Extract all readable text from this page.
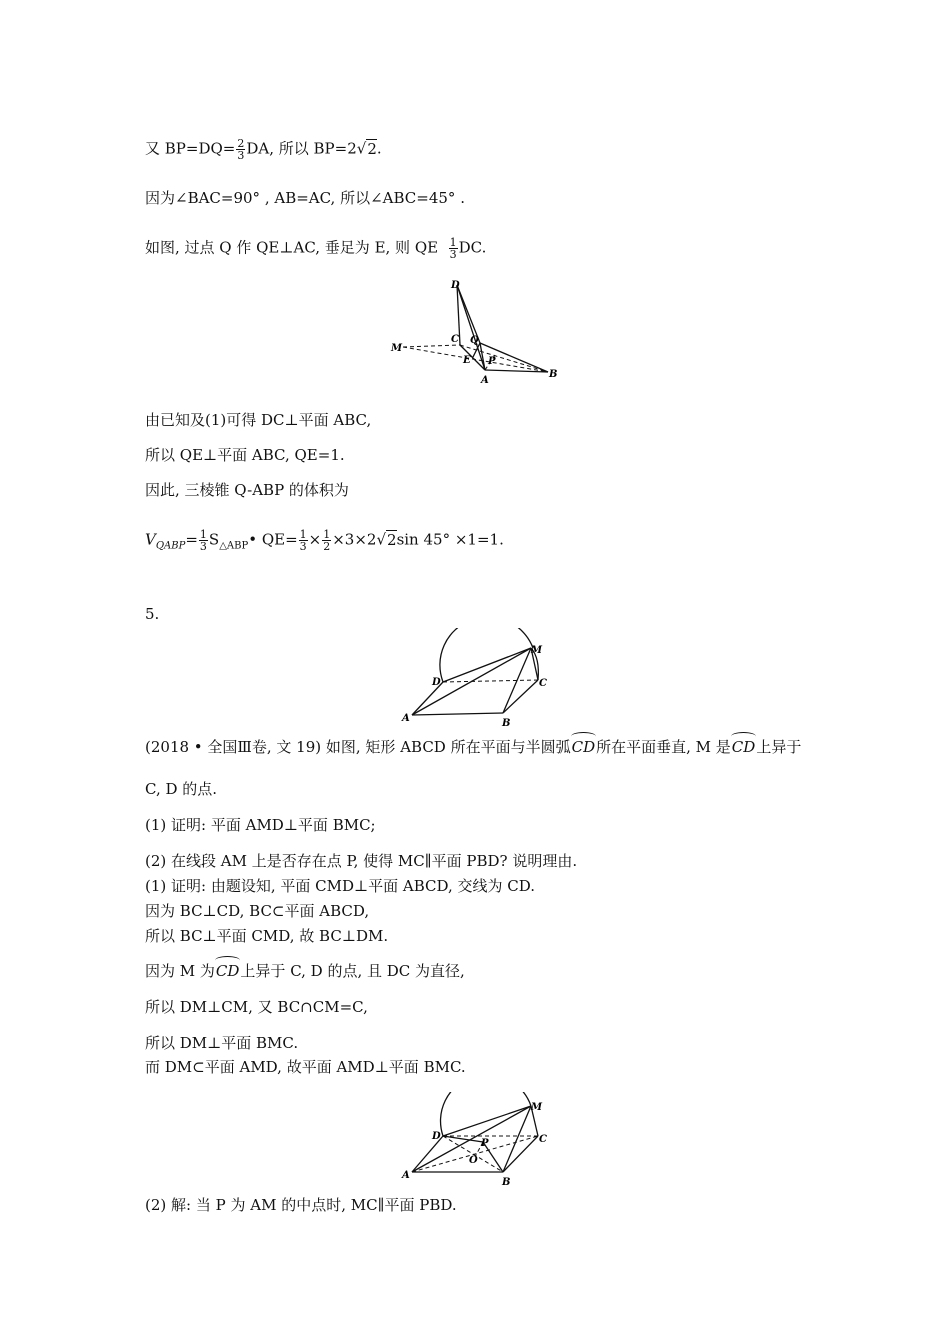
又 $BP=DQ= \frac{2}{3}$ DA, 所以 BP=2√2.
因为∠BAC=90° , AB=AC, 所以∠ABC=45° .
如图, 过点 Q 作 QE⊥AC, 垂足为 E, 则 QE $\frac{1}{3}$ DC.
D
C Q
M
E P
A
B
由已知及(1)可得 DC⊥平面 ABC,
所以 QE⊥平面 ABC, QE=1.
因此, 三棱锥 Q-ABP 的体积为
$V_{QABP}= \frac{1}{3}$ $S_{\triangle ABP}•$ $QE= \frac{1}{3} \times \frac{1}{2} \times 3\times 2√2\sin$ 45° ×1=1.
5.
M
D	C
A	B
(2018 • 全国Ⅲ卷, 文 19) 如图, 矩形 ABCD 所在平面与半圆弧CD所在平面垂直, M 是CD上异于
C, D 的点.
(1) 证明: 平面 AMD⊥平面 BMC;
(2) 在线段 AM 上是否存在点 P, 使得 MC∥平面 PBD? 说明理由.
(1) 证明: 由题设知, 平面 CMD⊥平面 ABCD, 交线为 CD.
因为 BC⊥CD, BC⊂平面 ABCD,
所以 BC⊥平面 CMD, 故 BC⊥DM.
因为 M 为CD上异于 C, D 的点, 且 DC 为直径,
所以 DM⊥CM, 又 BC∩CM=C,
所以 DM⊥平面 BMC.
而 DM⊂平面 AMD, 故平面 AMD⊥平面 BMC.
M
D
P	C
O
A
B
(2) 解: 当 P 为 AM 的中点时, MC∥平面 PBD.
